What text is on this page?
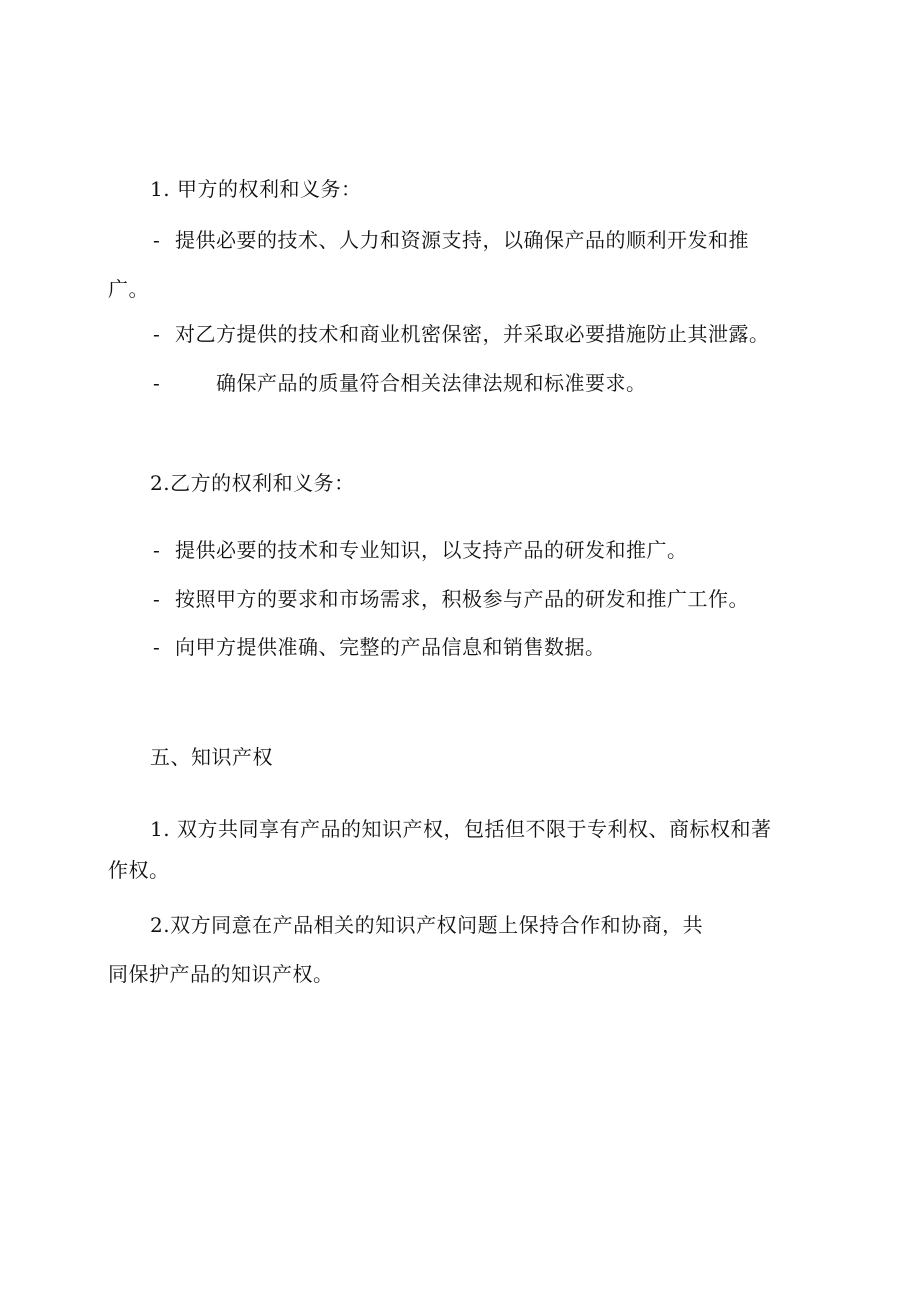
1. 甲方的权利和义务：
- 提供必要的技术、人力和资源支持，以确保产品的顺利开发和推
广。
- 对乙方提供的技术和商业机密保密，并采取必要措施防止其泄露。
-	确保产品的质量符合相关法律法规和标准要求。
2.乙方的权利和义务：
- 提供必要的技术和专业知识，以支持产品的研发和推广。
- 按照甲方的要求和市场需求，积极参与产品的研发和推广工作。
- 向甲方提供准确、完整的产品信息和销售数据。
五、知识产权
1. 双方共同享有产品的知识产权，包括但不限于专利权、商标权和著
作权。
2.双方同意在产品相关的知识产权问题上保持合作和协商，共
同保护产品的知识产权。
